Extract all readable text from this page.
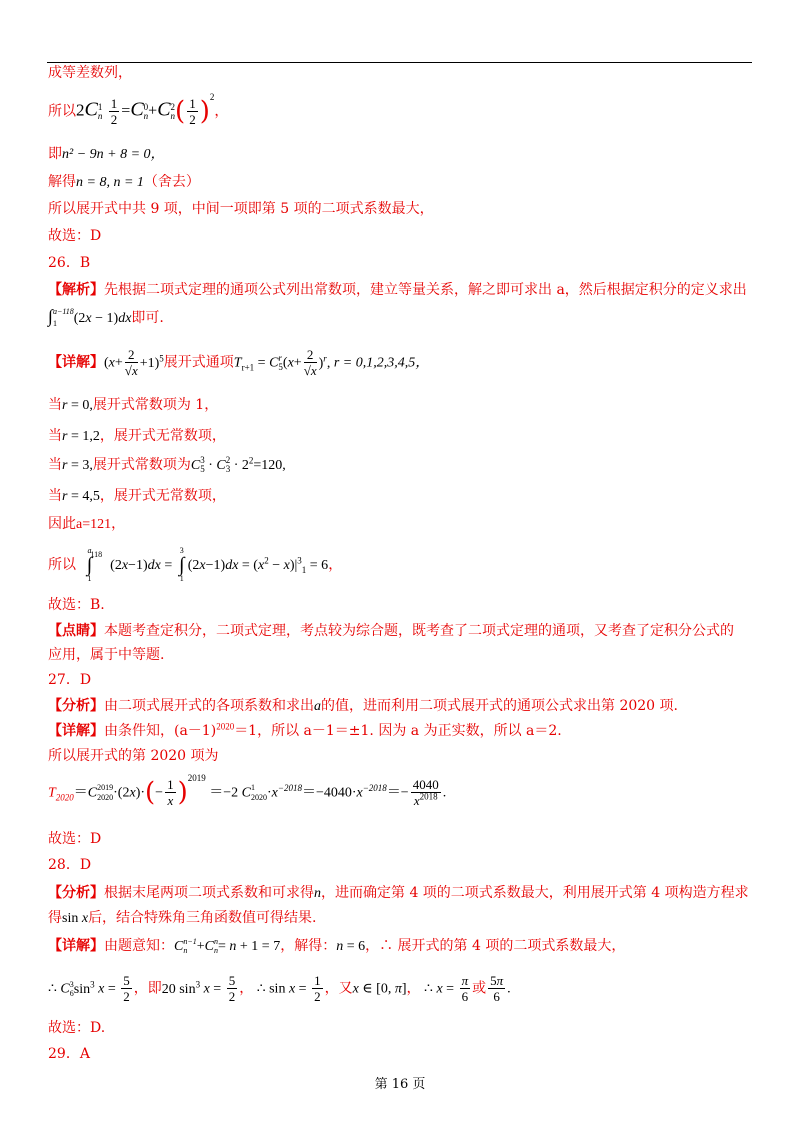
成等差数列，
所以2C 1
n
$\frac{1}{2} =C$ 0
n +C 2
n ( $\frac{1}{2} )^2$，
即n² − 9n + 8 = 0，
解得n = 8, n = 1（舍去）
所以展开式中共 9 项，中间一项即第 5 项的二项式系数最大，
故选：D
26．B
【解析】先根据二项式定理的通项公式列出常数项，建立等量关系，解之即可求出 a，然后根据定积分的定义求出
∫ a−118
1	(2x − 1)dx即可.
【详解】$(x+ \frac{2}{√x} +1)^5$展开式通项$T_{r+1} = C$ r
5 $(x+ \frac{2}{√x} )^r$, r = 0,1,2,3,4,5，
当r = 0,展开式常数项为 1，
当r = 1,2，展开式无常数项，
当r = 3,展开式常数项为C 3
5 · C 2
$3 \cdot 2^2=120$,
当r = 4,5，展开式无常数项，
因此a=121，
所以
a
∫
1
$^{118}$(2x−1)dx =
3
∫
1
$(2x-1)dx = (x^2 - x)|^3_1 = 6$，
故选：B.
【点睛】本题考查定积分，二项式定理，考点较为综合题，既考查了二项式定理的通项，又考查了定积分公式的
应用，属于中等题.
27．D
【分析】由二项式展开式的各项系数和求出a的值，进而利用二项式展开式的通项公式求出第 2020 项.
【详解】由条件知，$(a-1)^{2020}=1$，所以 a－1＝±1. 因为 a 为正实数，所以 a＝2.
所以展开式的第 2020 项为
$T_{2020}=C$ 2019
$2020 \cdot(2x)\cdot(- \frac{1}{x} )^{2019} =-2$ C 1
$2020 \cdot x^{-2018}=-4040\cdot x^{-2018}=- \frac{4040}{x^{2018}}$ .
故选：D
28．D
【分析】根据末尾两项二项式系数和可求得n，进而确定第 4 项的二项式系数最大，利用展开式第 4 项构造方程求
得sin x后，结合特殊角三角函数值可得结果.
【详解】由题意知：C n−1
n +C n
n = n + 1 = 7，解得：n = 6，∴ 展开式的第 4 项的二项式系数最大，
∴ C 3
6 $\sin^3 x = \frac{5}{2}$ ，即20 $\sin^3 x = \frac{5}{2}$ ， ∴ $\sin x = \frac{1}{2}$ ，又x ∈ [0, π]， ∴ $x = \frac{\pi}{6}$ 或 $\frac{5\pi}{6}$ .
故选：D.
29．A
第 16 页
